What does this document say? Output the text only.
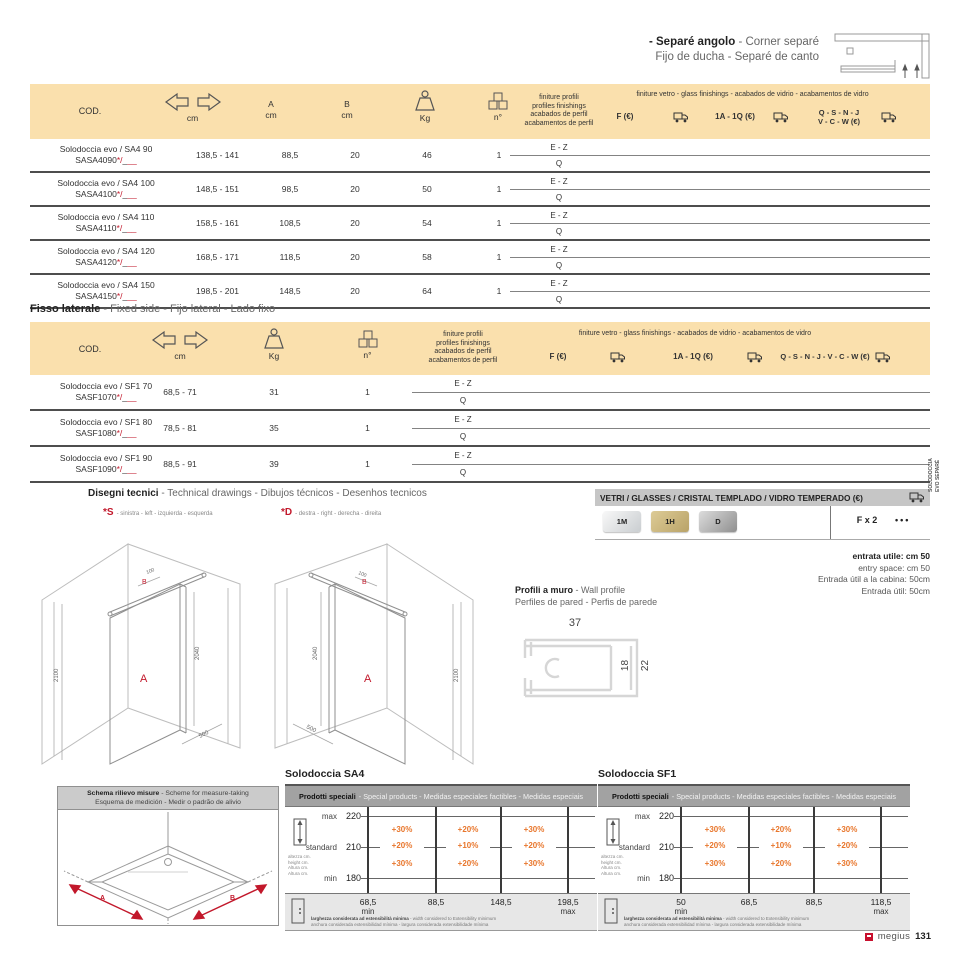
- Separé angolo - Corner separé
Fijo de ducha - Separé de canto
COD.
cm
A
cm
B
cm	Kg	n°
finiture profili
profiles finishings
acabados de perfil
acabamentos de perfil
finiture vetro - glass finishings - acabados de vidrio - acabamentos de vidro
F (€)	1A - 1Q (€)	Q - S - N - J
V - C - W (€)
Solodoccia evo / SA4 90
SASA4090*/___	138,5 - 141	88,5	20	46	1
E - Z
Q
Solodoccia evo / SA4 100
SASA4100*/___	148,5 - 151	98,5	20	50	1
E - Z
Q
Solodoccia evo / SA4 110
SASA4110*/___	158,5 - 161	108,5	20	54	1
E - Z
Q
Solodoccia evo / SA4 120
SASA4120*/___	168,5 - 171	118,5	20	58	1
E - Z
Q
Solodoccia evo / SA4 150
SASA4150*/___	198,5 - 201	148,5	20	64	1
E - Z
Q
Fisso laterale - Fixed side - Fijo lateral - Lado fixo
COD.
cm	Kg	n°
finiture profili
profiles finishings
acabados de perfil
acabamentos de perfil
finiture vetro - glass finishings - acabados de vidrio - acabamentos de vidro
F (€)	1A - 1Q (€)	Q - S - N - J - V - C - W (€)
Solodoccia evo / SF1 70
SASF1070*/___	68,5 - 71	31	1
E - Z
Q
Solodoccia evo / SF1 80
SASF1080*/___	78,5 - 81	35	1
E - Z
Q
Solodoccia evo / SF1 90
SASF1090*/___	88,5 - 91	39	1
E - Z
Q
Disegni tecnici - Technical drawings - Dibujos técnicos - Desenhos tecnicos
*S - sinistra - left - izquierda - esquerda	*D - destra - right - derecha - direita
2100
2040
500
100
A
B
2100
2040
500
100
A
B
VETRI / GLASSES / CRISTAL TEMPLADO / VIDRO TEMPERADO
(€)
1M	1H	D	F x 2	•••
entrata utile: cm 50
entry space: cm 50
Entrada útil a la cabina: 50cm
Entrada útil: 50cm
Profili a muro - Wall profile
Perfiles de pared - Perfis de parede
37
18 22
SOLODOCCIA EVO SEPARÉ
Schema rilievo misure - Scheme for measure-taking
Esquema de medición - Medir o padrão de alivio
A	B
Solodoccia SA4
Prodotti speciali - Special products - Medidas especiales factibles - Medidas especiais
altezza cm.
height cm.
Altura cm.
Altura cm.
max 220
standard 210
min 180
+30%	+20%	+30%
+20%	+10%	+20%
+30%	+20%	+30%
68,5	88,5	148,5	198,5
min	max
larghezza considerata ad estensibilità minima - width considered to Extensibility minimum
anchura considerada extensibilidad mínima - largura considerada extensibilidade mínima
Solodoccia SF1
Prodotti speciali - Special products - Medidas especiales factibles - Medidas especiais
altezza cm.
height cm.
Altura cm.
Altura cm.
max 220
standard 210
min 180
+30%	+20%	+30%
+20%	+10%	+20%
+30%	+20%	+30%
50	68,5	88,5	118,5
min	max
larghezza considerata ad estensibilità minima - width considered to Extensibility minimum
anchura considerada extensibilidad mínima - largura considerada extensibilidade mínima
megius 131
